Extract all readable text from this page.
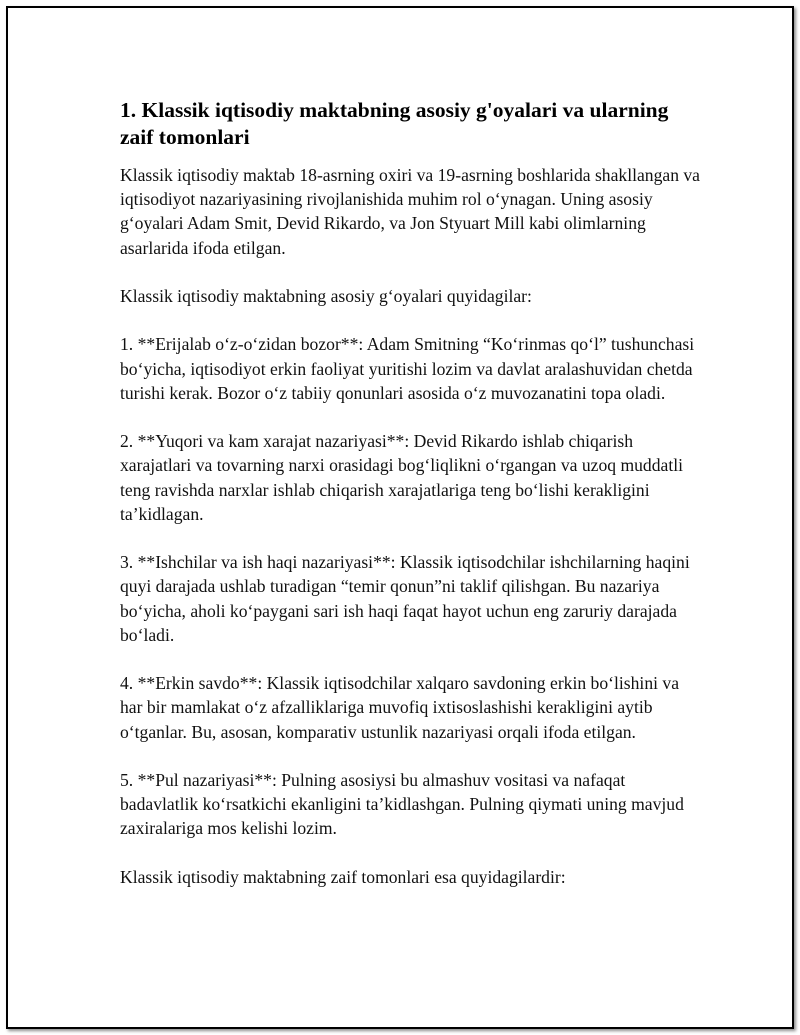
1. Klassik iqtisodiy maktabning asosiy g'oyalari va ularning zaif tomonlari

Klassik iqtisodiy maktab 18-asrning oxiri va 19-asrning boshlarida shakllangan va iqtisodiyot nazariyasining rivojlanishida muhim rol o‘ynagan. Uning asosiy g‘oyalari Adam Smit, Devid Rikardo, va Jon Styuart Mill kabi olimlarning asarlarida ifoda etilgan.

Klassik iqtisodiy maktabning asosiy g‘oyalari quyidagilar:

1. **Erijalab o‘z-o‘zidan bozor**: Adam Smitning “Ko‘rinmas qo‘l” tushunchasi bo‘yicha, iqtisodiyot erkin faoliyat yuritishi lozim va davlat aralashuvidan chetda turishi kerak. Bozor o‘z tabiiy qonunlari asosida o‘z muvozanatini topa oladi.

2. **Yuqori va kam xarajat nazariyasi**: Devid Rikardo ishlab chiqarish xarajatlari va tovarning narxi orasidagi bog‘liqlikni o‘rgangan va uzoq muddatli teng ravishda narxlar ishlab chiqarish xarajatlariga teng bo‘lishi kerakligini ta’kidlagan.

3. **Ishchilar va ish haqi nazariyasi**: Klassik iqtisodchilar ishchilarning haqini quyi darajada ushlab turadigan “temir qonun”ni taklif qilishgan. Bu nazariya bo‘yicha, aholi ko‘paygani sari ish haqi faqat hayot uchun eng zaruriy darajada bo‘ladi.

4. **Erkin savdo**: Klassik iqtisodchilar xalqaro savdoning erkin bo‘lishini va har bir mamlakat o‘z afzalliklariga muvofiq ixtisoslashishi kerakligini aytib o‘tganlar. Bu, asosan, komparativ ustunlik nazariyasi orqali ifoda etilgan.

5. **Pul nazariyasi**: Pulning asosiysi bu almashuv vositasi va nafaqat badavlatlik ko‘rsatkichi ekanligini ta’kidlashgan. Pulning qiymati uning mavjud zaxiralariga mos kelishi lozim.

Klassik iqtisodiy maktabning zaif tomonlari esa quyidagilardir:
